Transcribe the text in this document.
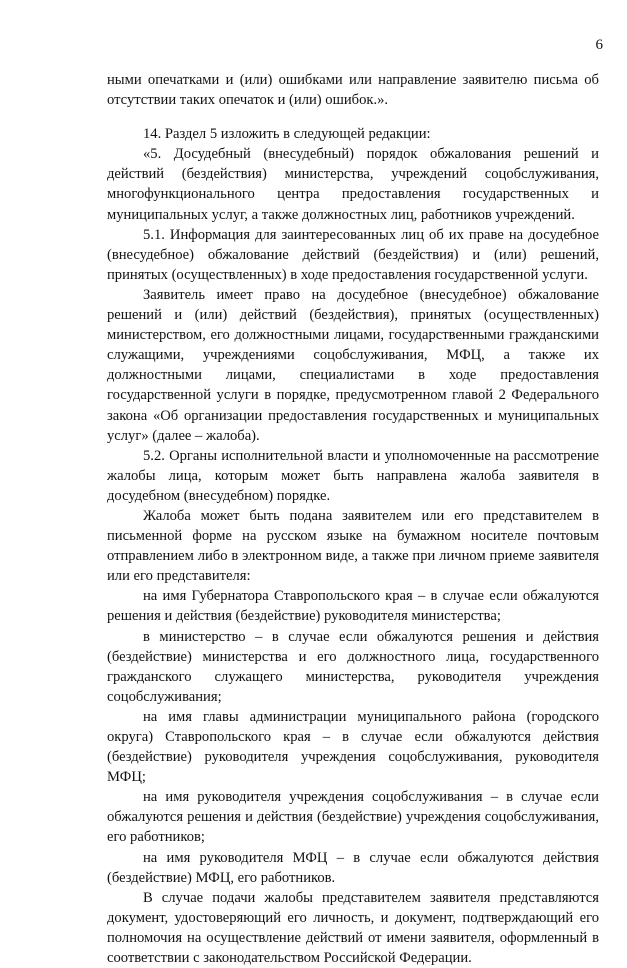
6

ными опечатками и (или) ошибками или направление заявителю письма об отсутствии таких опечаток и (или) ошибок.».

14. Раздел 5 изложить в следующей редакции:

«5. Досудебный (внесудебный) порядок обжалования решений и действий (бездействия) министерства, учреждений соцобслуживания, многофункционального центра предоставления государственных и муниципальных услуг, а также должностных лиц, работников учреждений.

5.1. Информация для заинтересованных лиц об их праве на досудебное (внесудебное) обжалование действий (бездействия) и (или) решений, принятых (осуществленных) в ходе предоставления государственной услуги.

Заявитель имеет право на досудебное (внесудебное) обжалование решений и (или) действий (бездействия), принятых (осуществленных) министерством, его должностными лицами, государственными гражданскими служащими, учреждениями соцобслуживания, МФЦ, а также их должностными лицами, специалистами в ходе предоставления государственной услуги в порядке, предусмотренном главой 2 Федерального закона «Об организации предоставления государственных и муниципальных услуг» (далее – жалоба).

5.2. Органы исполнительной власти и уполномоченные на рассмотрение жалобы лица, которым может быть направлена жалоба заявителя в досудебном (внесудебном) порядке.

Жалоба может быть подана заявителем или его представителем в письменной форме на русском языке на бумажном носителе почтовым отправлением либо в электронном виде, а также при личном приеме заявителя или его представителя:

на имя Губернатора Ставропольского края – в случае если обжалуются решения и действия (бездействие) руководителя министерства;

в министерство – в случае если обжалуются решения и действия (бездействие) министерства и его должностного лица, государственного гражданского служащего министерства, руководителя учреждения соцобслуживания;

на имя главы администрации муниципального района (городского округа) Ставропольского края – в случае если обжалуются действия (бездействие) руководителя учреждения соцобслуживания, руководителя МФЦ;

на имя руководителя учреждения соцобслуживания – в случае если обжалуются решения и действия (бездействие) учреждения соцобслуживания, его работников;

на имя руководителя МФЦ – в случае если обжалуются действия (бездействие) МФЦ, его работников.

В случае подачи жалобы представителем заявителя представляются документ, удостоверяющий его личность, и документ, подтверждающий его полномочия на осуществление действий от имени заявителя, оформленный в соответствии с законодательством Российской Федерации.
